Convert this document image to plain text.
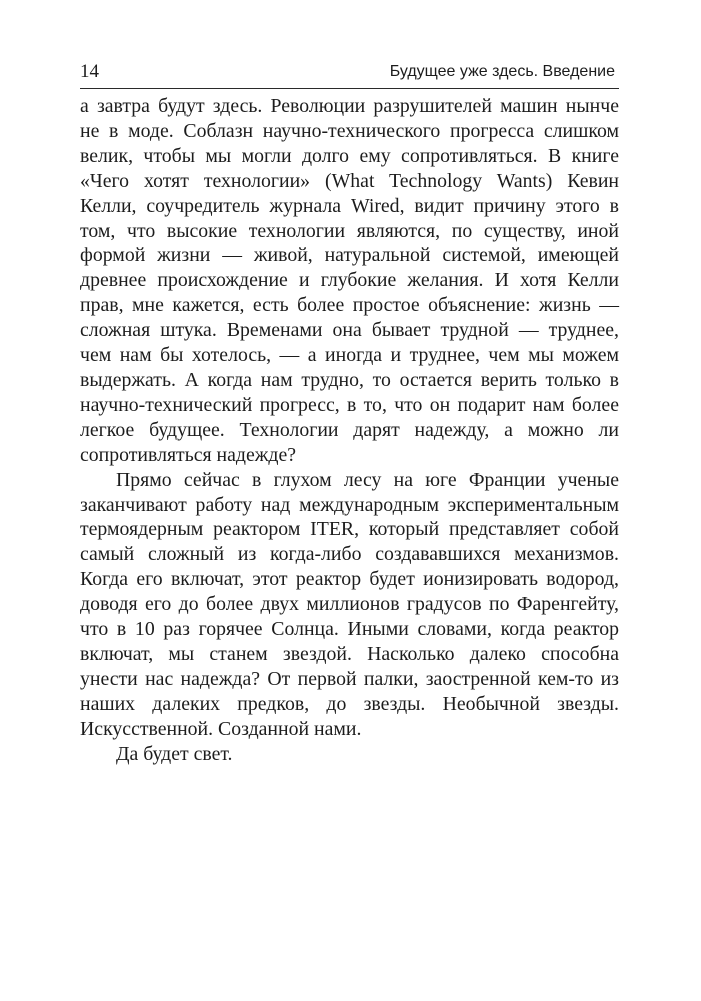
14	Будущее уже здесь. Введение

а завтра будут здесь. Революции разрушителей машин нынче не в моде. Соблазн научно-технического прогресса слишком велик, чтобы мы могли долго ему сопротивляться. В книге «Чего хотят технологии» (What Technology Wants) Кевин Келли, соучредитель журнала Wired, видит причину этого в том, что высокие технологии являются, по существу, иной формой жизни — живой, натуральной системой, имеющей древнее происхождение и глубокие желания. И хотя Келли прав, мне кажется, есть более простое объяснение: жизнь — сложная штука. Временами она бывает трудной — труднее, чем нам бы хотелось, — а иногда и труднее, чем мы можем выдержать. А когда нам трудно, то остается верить только в научно-технический прогресс, в то, что он подарит нам более легкое будущее. Технологии дарят надежду, а можно ли сопротивляться надежде?

Прямо сейчас в глухом лесу на юге Франции ученые заканчивают работу над международным экспериментальным термоядерным реактором ITER, который представляет собой самый сложный из когда-либо создававшихся механизмов. Когда его включат, этот реактор будет ионизировать водород, доводя его до более двух миллионов градусов по Фаренгейту, что в 10 раз горячее Солнца. Иными словами, когда реактор включат, мы станем звездой. Насколько далеко способна унести нас надежда? От первой палки, заостренной кем-то из наших далеких предков, до звезды. Необычной звезды. Искусственной. Созданной нами.

Да будет свет.
